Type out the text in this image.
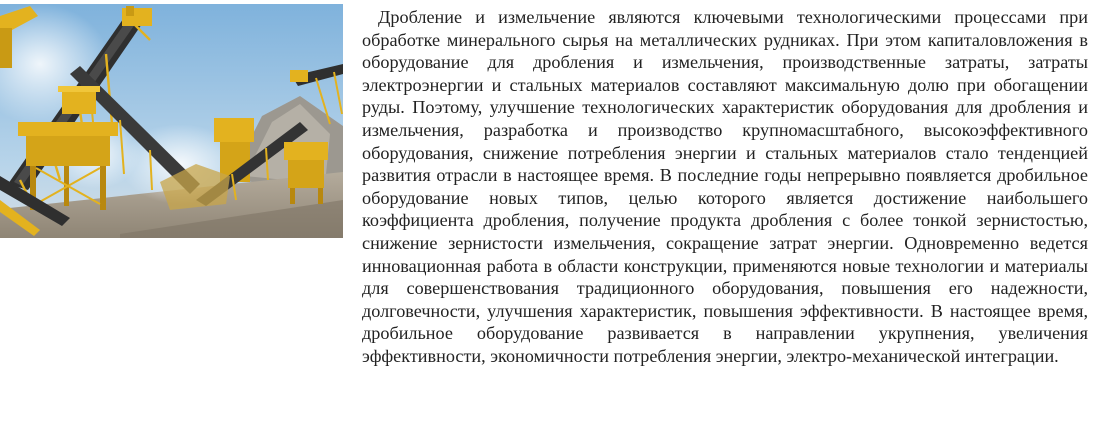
Дробление и измельчение являются ключевыми технологическими процессами при обработке минерального сырья на металлических рудниках. При этом капиталовложения в оборудование для дробления и измельчения, производственные затраты, затраты электроэнергии и стальных материалов составляют максимальную долю при обогащении руды. Поэтому, улучшение технологических характеристик оборудования для дробления и измельчения, разработка и производство крупномасштабного, высокоэффективного оборудования, снижение потребления энергии и стальных материалов стало тенденцией развития отрасли в настоящее время. В последние годы непрерывно появляется дробильное оборудование новых типов, целью которого является достижение наибольшего коэффициента дробления, получение продукта дробления с более тонкой зернистостью, снижение зернистости измельчения, сокращение затрат энергии. Одновременно ведется инновационная работа в области конструкции, применяются новые технологии и материалы для совершенствования традиционного оборудования, повышения его надежности, долговечности, улучшения характеристик, повышения эффективности. В настоящее время, дробильное оборудование развивается в направлении укрупнения, увеличения эффективности, экономичности потребления энергии, электро-механической интеграции.
